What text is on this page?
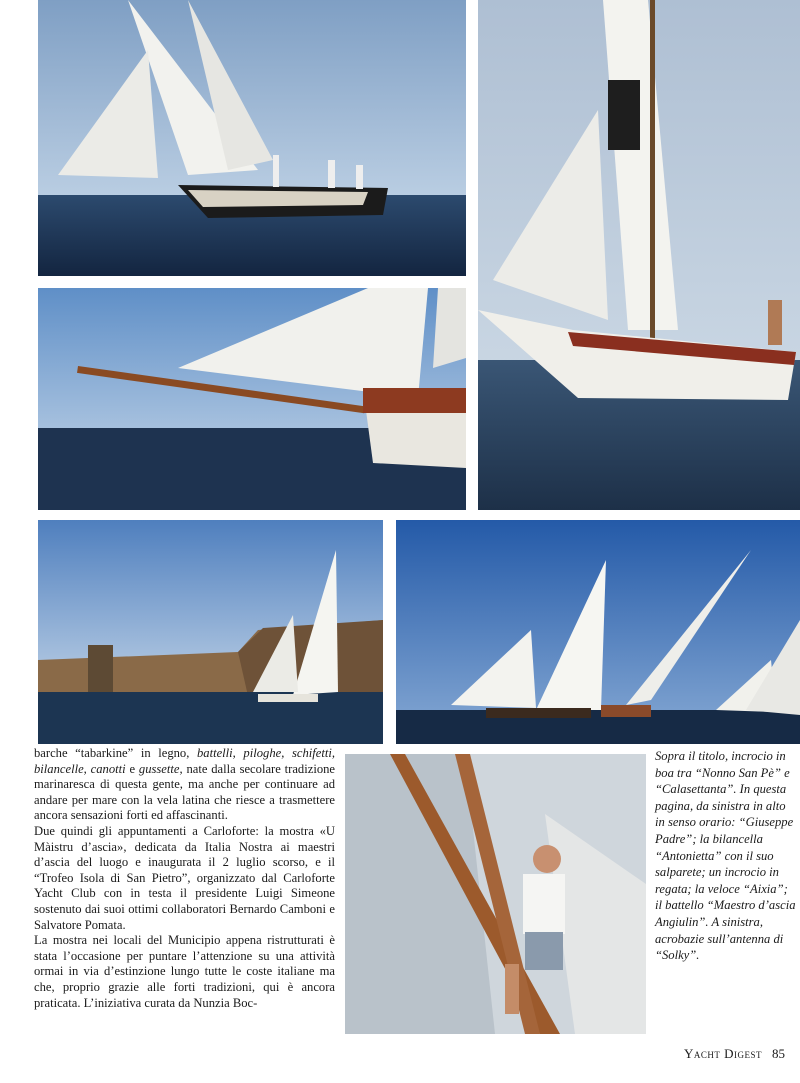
barche “tabarkine” in legno, battelli, piloghe, schifetti, bilancelle, canotti e gussette, nate dalla secolare tradizione marinaresca di questa gente, ma anche per continuare ad andare per mare con la vela latina che riesce a trasmettere ancora sensazioni forti ed affascinanti.

Due quindi gli appuntamenti a Carloforte: la mostra «U Màistru d’ascia», dedicata da Italia Nostra ai maestri d’ascia del luogo e inaugurata il 2 luglio scorso, e il “Trofeo Isola di San Pietro”, organizzato dal Carloforte Yacht Club con in testa il presidente Luigi Simeone sostenuto dai suoi ottimi collaboratori Bernardo Camboni e Salvatore Pomata.

La mostra nei locali del Municipio appena ristrutturati è stata l’occasione per puntare l’attenzione su una attività ormai in via d’estinzione lungo tutte le coste italiane ma che, proprio grazie alle forti tradizioni, qui è ancora praticata. L’iniziativa curata da Nunzia Boc-

Sopra il titolo, incrocio in boa tra “Nonno San Pè” e “Calasettanta”. In questa pagina, da sinistra in alto in senso orario: “Giuseppe Padre”; la bilancella “Antonietta” con il suo salparete; un incrocio in regata; la veloce “Aixia”; il battello “Maestro d’ascia Angiulin”. A sinistra, acrobazie sull’antenna di “Solky”.

Yacht Digest 85
